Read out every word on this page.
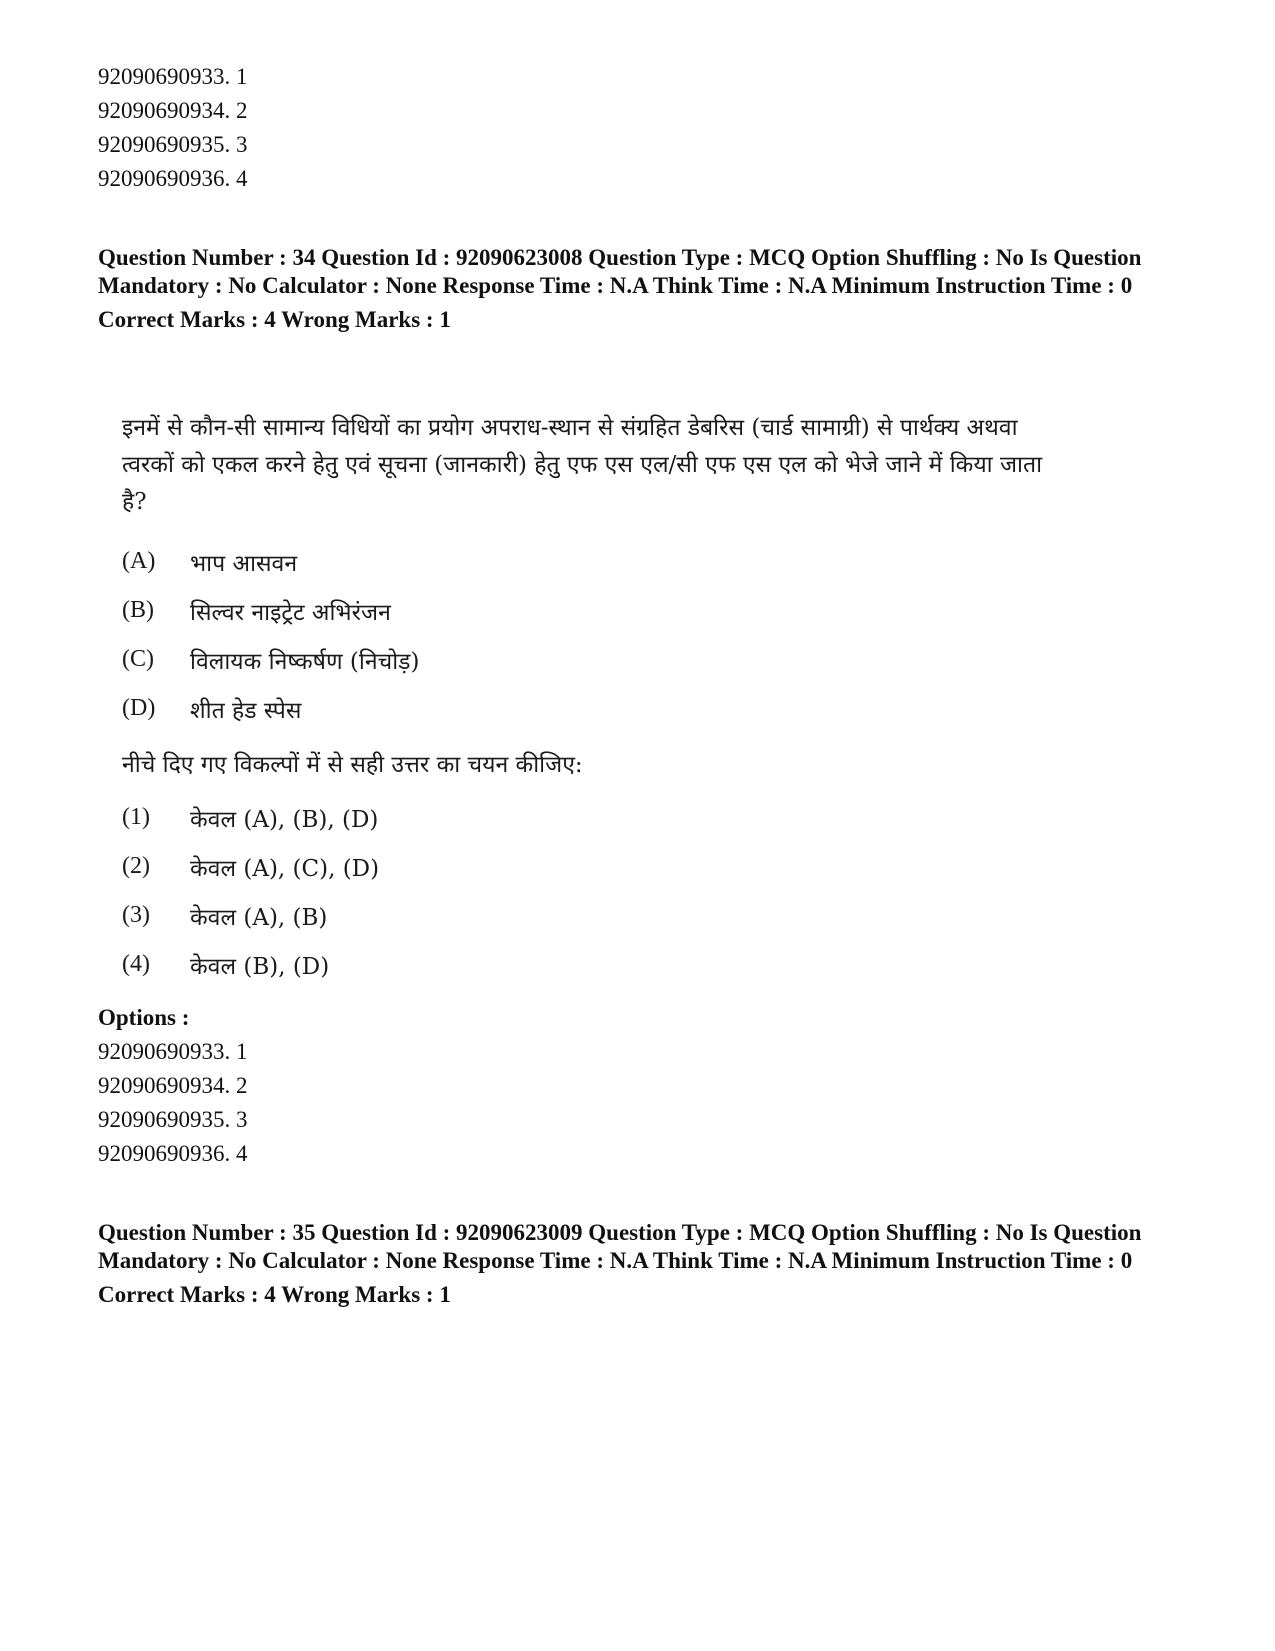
92090690933. 1
92090690934. 2
92090690935. 3
92090690936. 4
Question Number : 34 Question Id : 92090623008 Question Type : MCQ Option Shuffling : No Is Question Mandatory : No Calculator : None Response Time : N.A Think Time : N.A Minimum Instruction Time : 0
Correct Marks : 4 Wrong Marks : 1

इनमें से कौन-सी सामान्य विधियों का प्रयोग अपराध-स्थान से संग्रहित डेबरिस (चार्ड सामाग्री) से पार्थक्य अथवा त्वरकों को एकल करने हेतु एवं सूचना (जानकारी) हेतु एफ एस एल/सी एफ एस एल को भेजे जाने में किया जाता है?

(A)	भाप आसवन
(B)	सिल्वर नाइट्रेट अभिरंजन
(C)	विलायक निष्कर्षण (निचोड़)
(D)	शीत हेड स्पेस
नीचे दिए गए विकल्पों में से सही उत्तर का चयन कीजिए:
(1)	केवल (A), (B), (D)
(2)	केवल (A), (C), (D)
(3)	केवल (A), (B)
(4)	केवल (B), (D)
Options :
92090690933. 1
92090690934. 2
92090690935. 3
92090690936. 4
Question Number : 35 Question Id : 92090623009 Question Type : MCQ Option Shuffling : No Is Question Mandatory : No Calculator : None Response Time : N.A Think Time : N.A Minimum Instruction Time : 0
Correct Marks : 4 Wrong Marks : 1
